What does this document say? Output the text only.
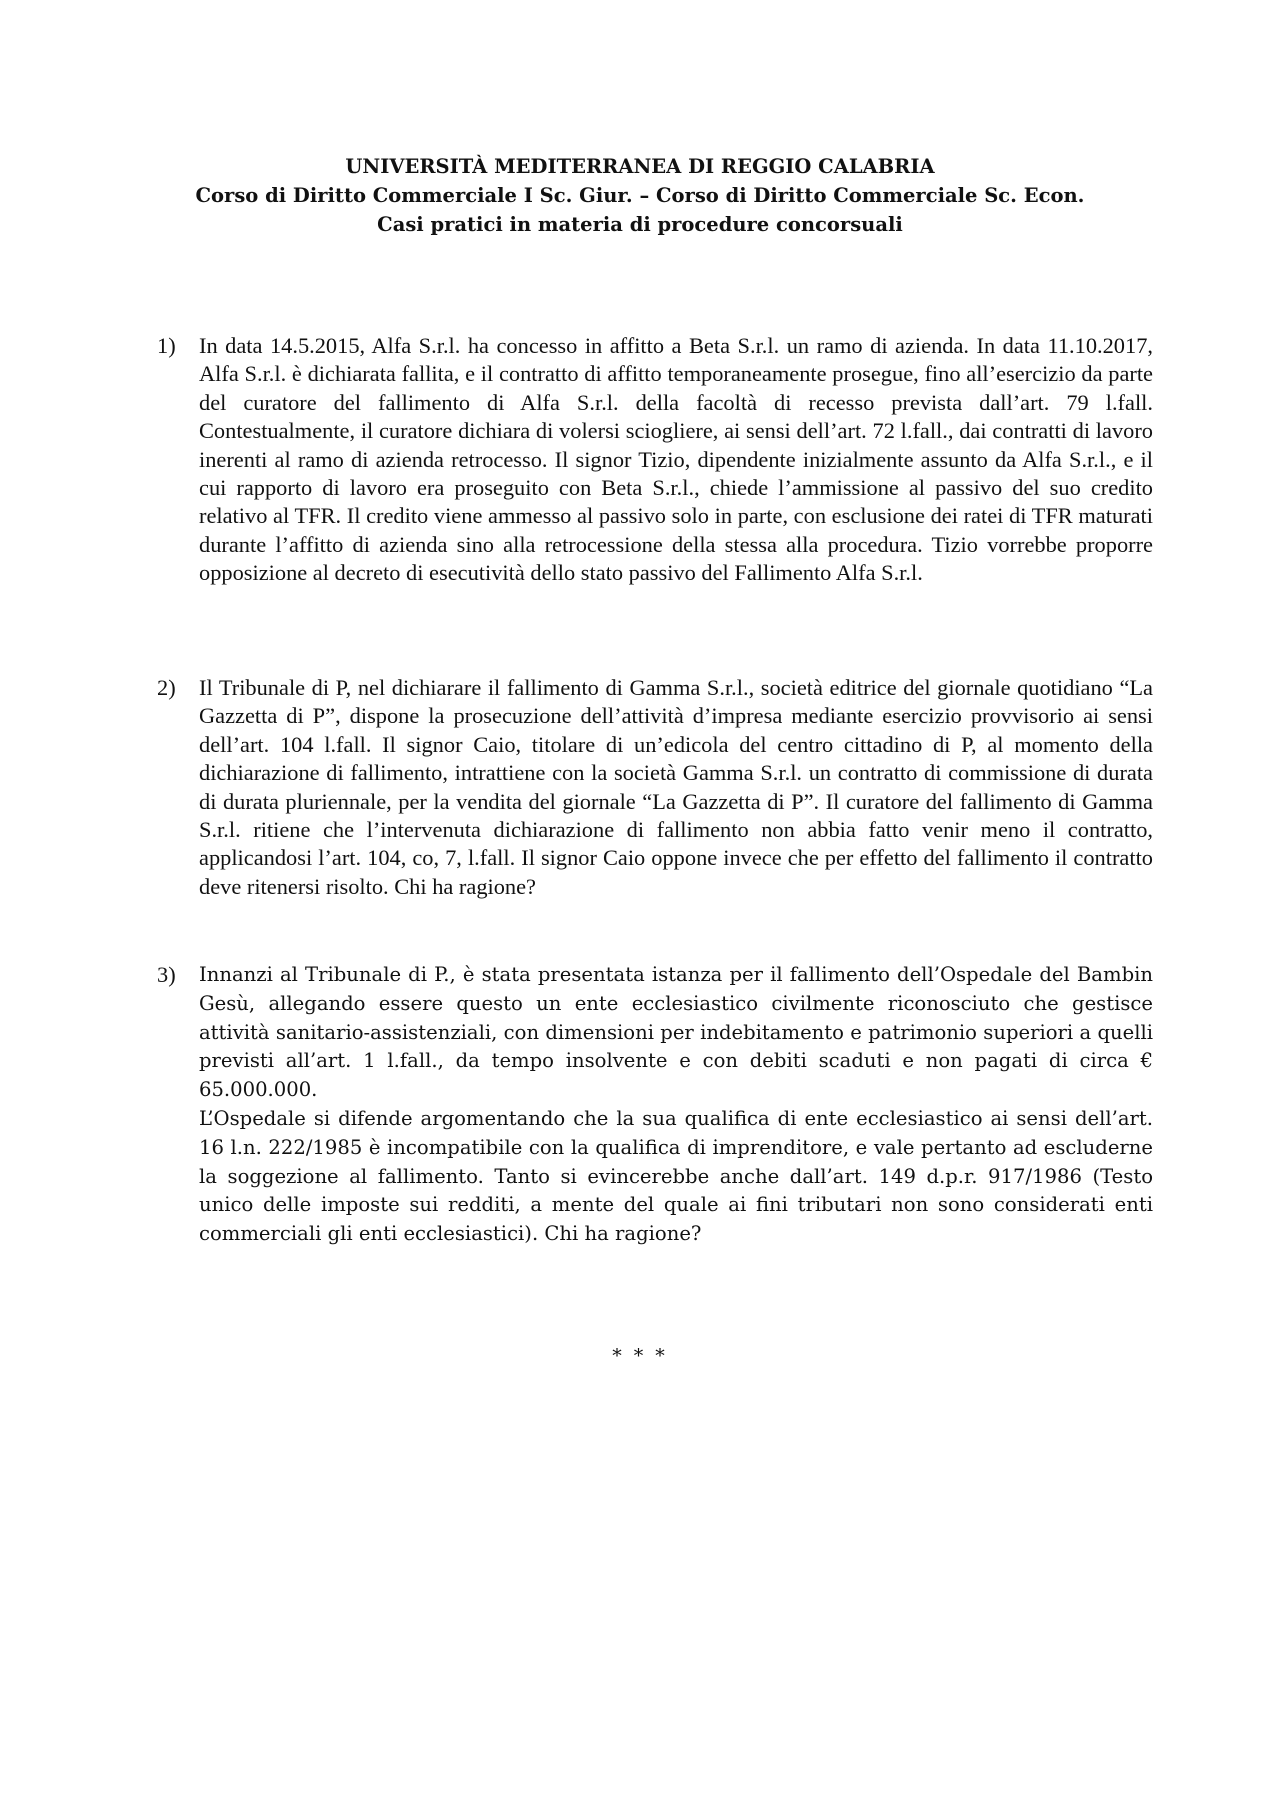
UNIVERSITÀ MEDITERRANEA DI REGGIO CALABRIA
Corso di Diritto Commerciale I Sc. Giur. – Corso di Diritto Commerciale Sc. Econ.
Casi pratici in materia di procedure concorsuali
1) In data 14.5.2015, Alfa S.r.l. ha concesso in affitto a Beta S.r.l. un ramo di azienda. In data 11.10.2017, Alfa S.r.l. è dichiarata fallita, e il contratto di affitto temporaneamente prosegue, fino all’esercizio da parte del curatore del fallimento di Alfa S.r.l. della facoltà di recesso prevista dall’art. 79 l.fall. Contestualmente, il curatore dichiara di volersi sciogliere, ai sensi dell’art. 72 l.fall., dai contratti di lavoro inerenti al ramo di azienda retrocesso. Il signor Tizio, dipendente inizialmente assunto da Alfa S.r.l., e il cui rapporto di lavoro era proseguito con Beta S.r.l., chiede l’ammissione al passivo del suo credito relativo al TFR. Il credito viene ammesso al passivo solo in parte, con esclusione dei ratei di TFR maturati durante l’affitto di azienda sino alla retrocessione della stessa alla procedura. Tizio vorrebbe proporre opposizione al decreto di esecutività dello stato passivo del Fallimento Alfa S.r.l.

2) Il Tribunale di P, nel dichiarare il fallimento di Gamma S.r.l., società editrice del giornale quotidiano “La Gazzetta di P”, dispone la prosecuzione dell’attività d’impresa mediante esercizio provvisorio ai sensi dell’art. 104 l.fall. Il signor Caio, titolare di un’edicola del centro cittadino di P, al momento della dichiarazione di fallimento, intrattiene con la società Gamma S.r.l. un contratto di commissione di durata di durata pluriennale, per la vendita del giornale “La Gazzetta di P”. Il curatore del fallimento di Gamma S.r.l. ritiene che l’intervenuta dichiarazione di fallimento non abbia fatto venir meno il contratto, applicandosi l’art. 104, co, 7, l.fall. Il signor Caio oppone invece che per effetto del fallimento il contratto deve ritenersi risolto. Chi ha ragione?

3) Innanzi al Tribunale di P., è stata presentata istanza per il fallimento dell’Ospedale del Bambin Gesù, allegando essere questo un ente ecclesiastico civilmente riconosciuto che gestisce attività sanitario-assistenziali, con dimensioni per indebitamento e patrimonio superiori a quelli previsti all’art. 1 l.fall., da tempo insolvente e con debiti scaduti e non pagati di circa € 65.000.000.

L’Ospedale si difende argomentando che la sua qualifica di ente ecclesiastico ai sensi dell’art. 16 l.n. 222/1985 è incompatibile con la qualifica di imprenditore, e vale pertanto ad escluderne la soggezione al fallimento. Tanto si evincerebbe anche dall’art. 149 d.p.r. 917/1986 (Testo unico delle imposte sui redditi, a mente del quale ai fini tributari non sono considerati enti commerciali gli enti ecclesiastici). Chi ha ragione?

* * *
